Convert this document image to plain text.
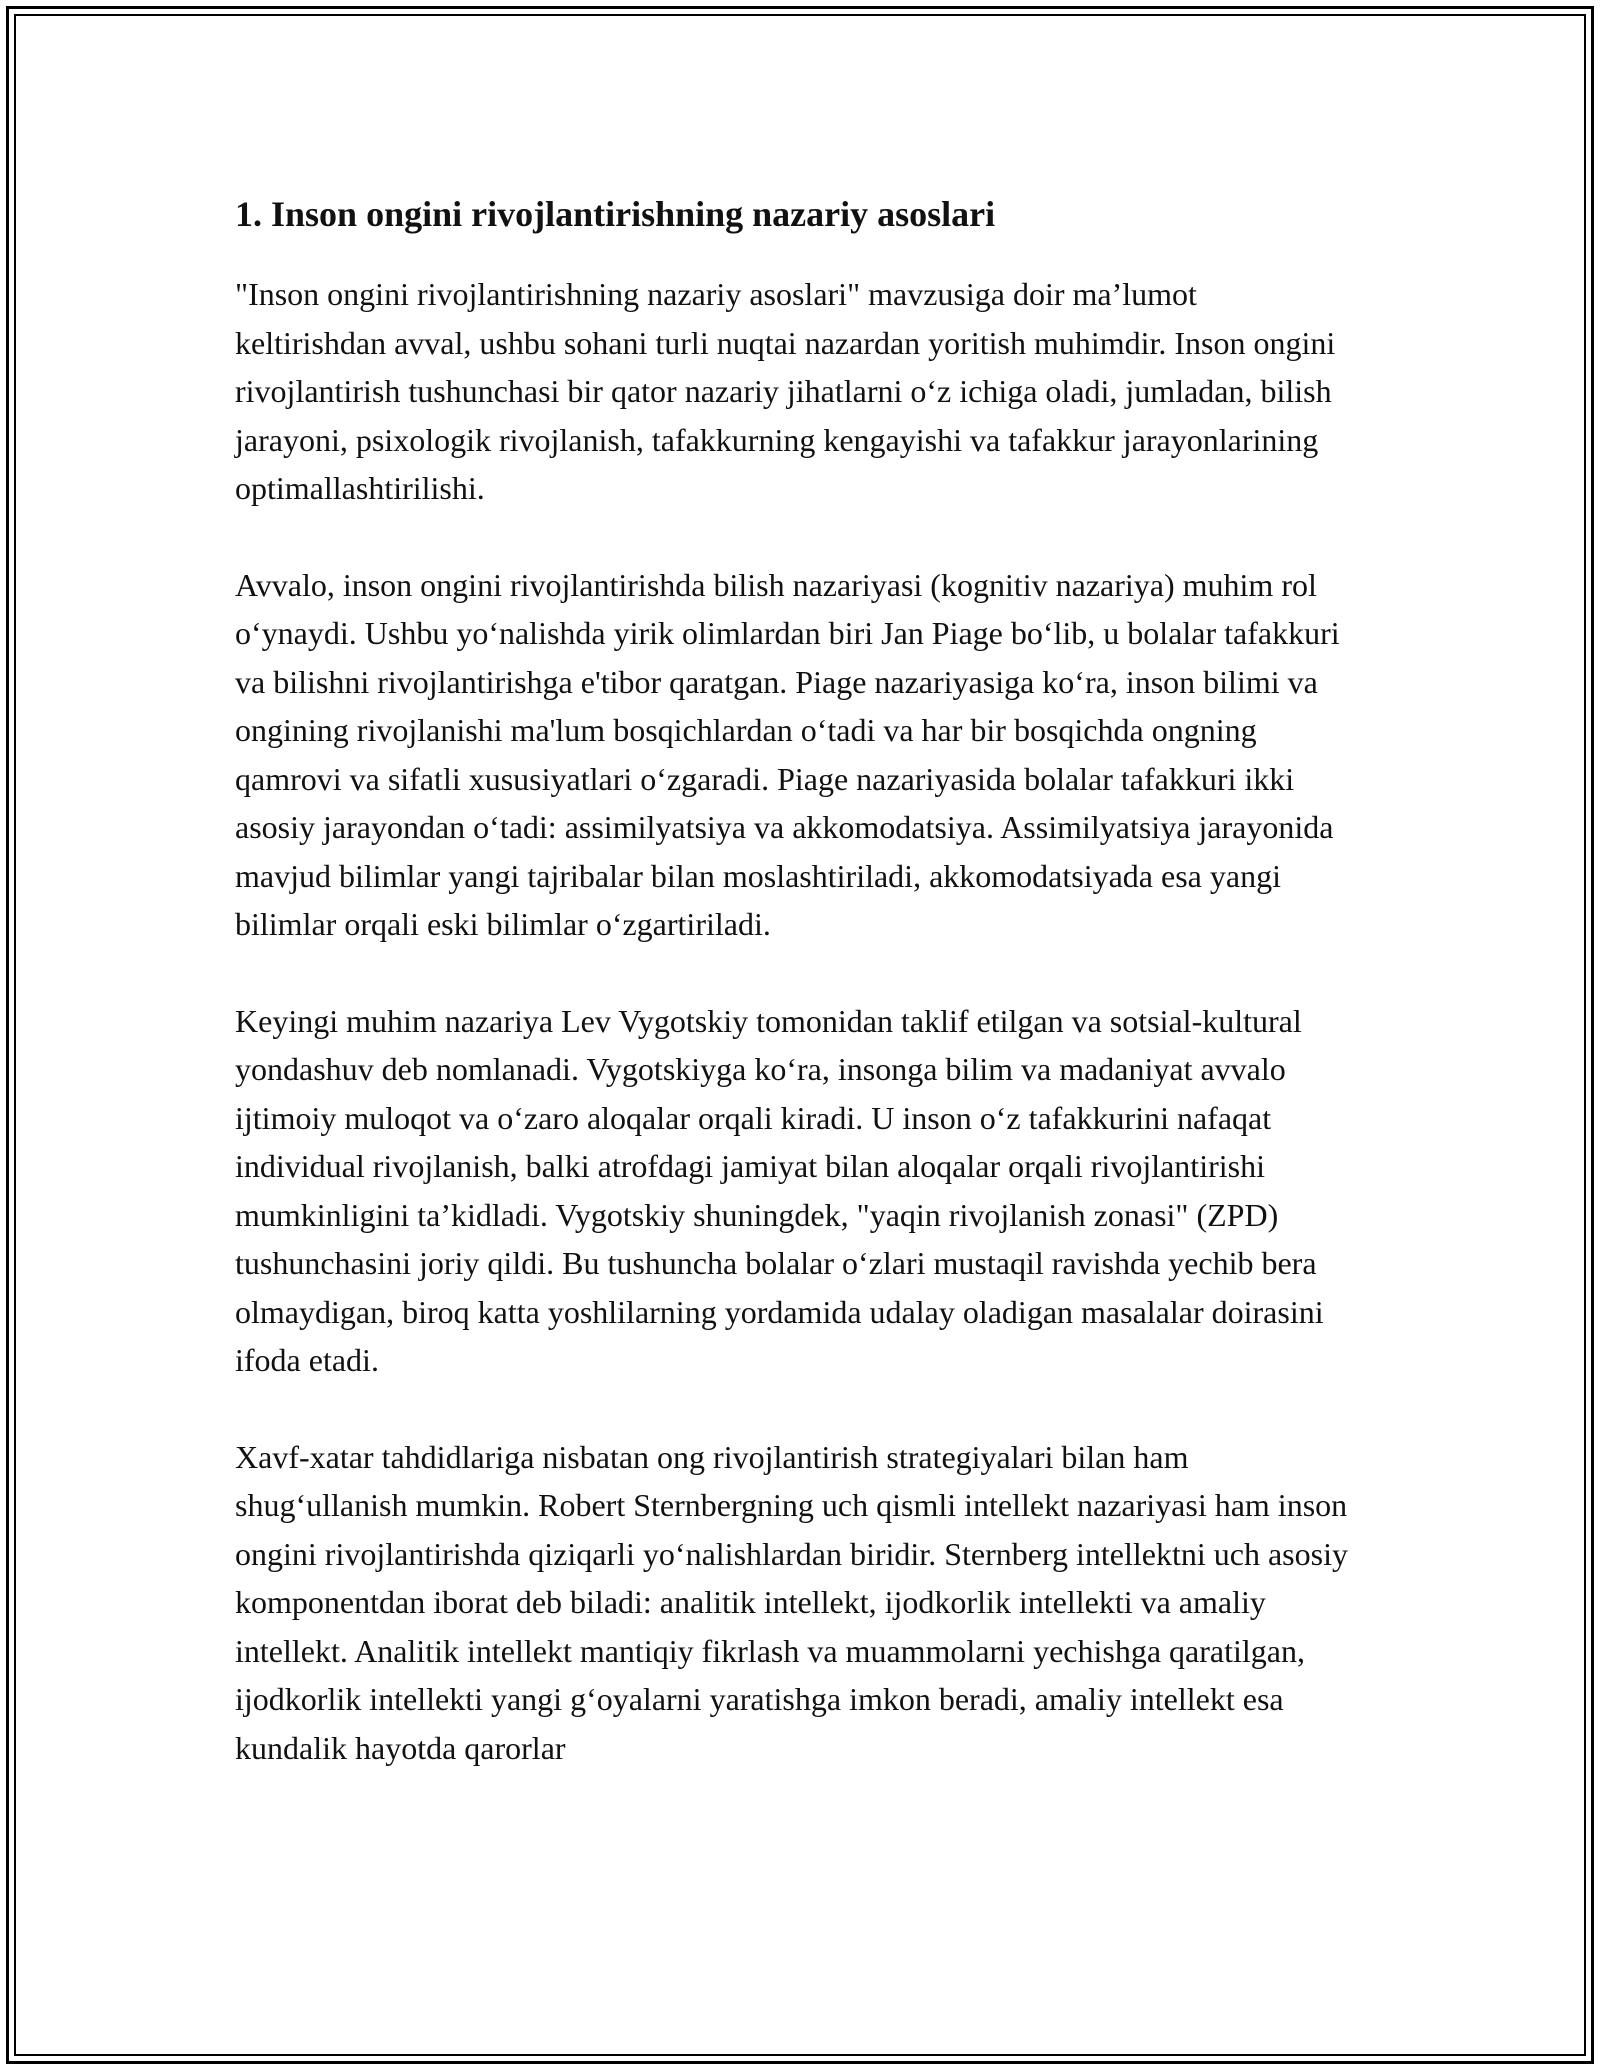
1. Inson ongini rivojlantirishning nazariy asoslari

"Inson ongini rivojlantirishning nazariy asoslari" mavzusiga doir ma’lumot keltirishdan avval, ushbu sohani turli nuqtai nazardan yoritish muhimdir. Inson ongini rivojlantirish tushunchasi bir qator nazariy jihatlarni o‘z ichiga oladi, jumladan, bilish jarayoni, psixologik rivojlanish, tafakkurning kengayishi va tafakkur jarayonlarining optimallashtirilishi.

Avvalo, inson ongini rivojlantirishda bilish nazariyasi (kognitiv nazariya) muhim rol o‘ynaydi. Ushbu yo‘nalishda yirik olimlardan biri Jan Piage bo‘lib, u bolalar tafakkuri va bilishni rivojlantirishga e'tibor qaratgan. Piage nazariyasiga ko‘ra, inson bilimi va ongining rivojlanishi ma'lum bosqichlardan o‘tadi va har bir bosqichda ongning qamrovi va sifatli xususiyatlari o‘zgaradi. Piage nazariyasida bolalar tafakkuri ikki asosiy jarayondan o‘tadi: assimilyatsiya va akkomodatsiya. Assimilyatsiya jarayonida mavjud bilimlar yangi tajribalar bilan moslashtiriladi, akkomodatsiyada esa yangi bilimlar orqali eski bilimlar o‘zgartiriladi.

Keyingi muhim nazariya Lev Vygotskiy tomonidan taklif etilgan va sotsial-kultural yondashuv deb nomlanadi. Vygotskiyga ko‘ra, insonga bilim va madaniyat avvalo ijtimoiy muloqot va o‘zaro aloqalar orqali kiradi. U inson o‘z tafakkurini nafaqat individual rivojlanish, balki atrofdagi jamiyat bilan aloqalar orqali rivojlantirishi mumkinligini ta’kidladi. Vygotskiy shuningdek, "yaqin rivojlanish zonasi" (ZPD) tushunchasini joriy qildi. Bu tushuncha bolalar o‘zlari mustaqil ravishda yechib bera olmaydigan, biroq katta yoshlilarning yordamida udalay oladigan masalalar doirasini ifoda etadi.

Xavf-xatar tahdidlariga nisbatan ong rivojlantirish strategiyalari bilan ham shug‘ullanish mumkin. Robert Sternbergning uch qismli intellekt nazariyasi ham inson ongini rivojlantirishda qiziqarli yo‘nalishlardan biridir. Sternberg intellektni uch asosiy komponentdan iborat deb biladi: analitik intellekt, ijodkorlik intellekti va amaliy intellekt. Analitik intellekt mantiqiy fikrlash va muammolarni yechishga qaratilgan, ijodkorlik intellekti yangi g‘oyalarni yaratishga imkon beradi, amaliy intellekt esa kundalik hayotda qarorlar
